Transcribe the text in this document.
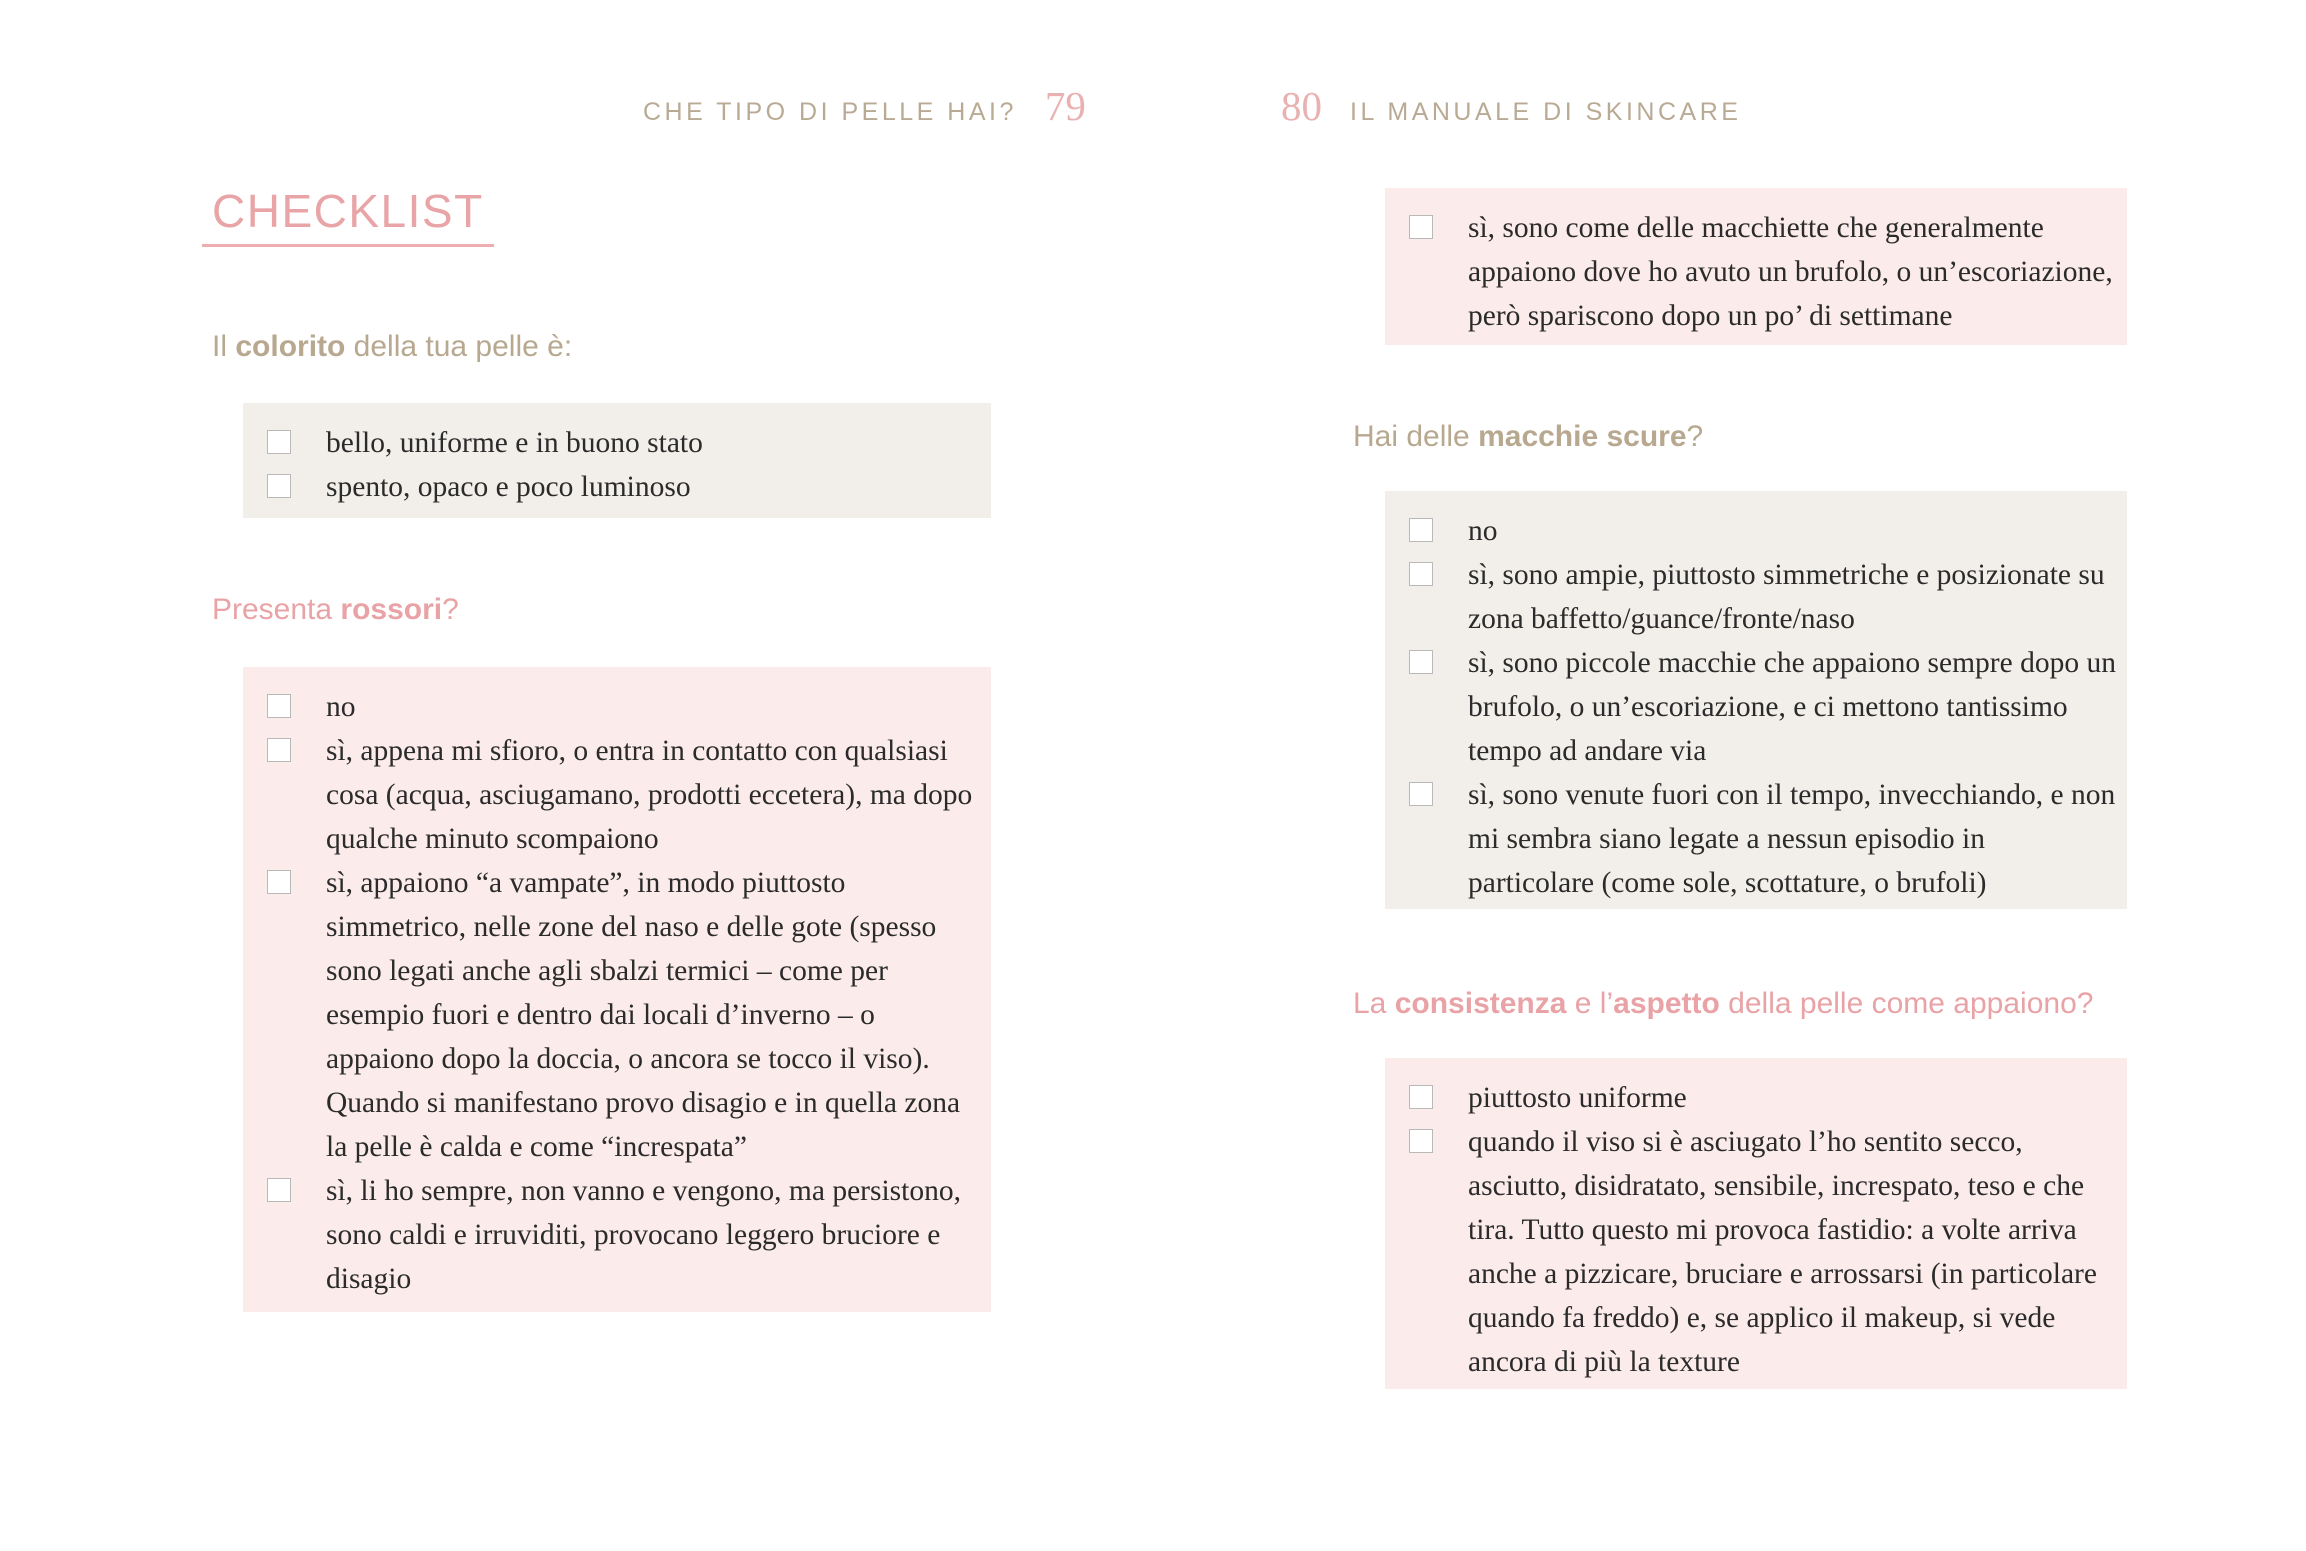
CHE TIPO DI PELLE HAI? 79
CHECKLIST
Il colorito della tua pelle è:
bello, uniforme e in buono stato
spento, opaco e poco luminoso
Presenta rossori?
no
sì, appena mi sfioro, o entra in contatto con qualsiasi cosa (acqua, asciugamano, prodotti eccetera), ma dopo qualche minuto scompaiono
sì, appaiono “a vampate”, in modo piuttosto simmetrico, nelle zone del naso e delle gote (spesso sono legati anche agli sbalzi termici – come per esempio fuori e dentro dai locali d’inverno – o appaiono dopo la doccia, o ancora se tocco il viso). Quando si manifestano provo disagio e in quella zona la pelle è calda e come “increspata”
sì, li ho sempre, non vanno e vengono, ma persistono, sono caldi e irruviditi, provocano leggero bruciore e disagio
80 IL MANUALE DI SKINCARE
sì, sono come delle macchiette che generalmente appaiono dove ho avuto un brufolo, o un’escoriazione, però spariscono dopo un po’ di settimane
Hai delle macchie scure?
no
sì, sono ampie, piuttosto simmetriche e posizionate su zona baffetto/guance/fronte/naso
sì, sono piccole macchie che appaiono sempre dopo un brufolo, o un’escoriazione, e ci mettono tantissimo tempo ad andare via
sì, sono venute fuori con il tempo, invecchiando, e non mi sembra siano legate a nessun episodio in particolare (come sole, scottature, o brufoli)
La consistenza e l’aspetto della pelle come appaiono?
piuttosto uniforme
quando il viso si è asciugato l’ho sentito secco, asciutto, disidratato, sensibile, increspato, teso e che tira. Tutto questo mi provoca fastidio: a volte arriva anche a pizzicare, bruciare e arrossarsi (in particolare quando fa freddo) e, se applico il makeup, si vede ancora di più la texture
